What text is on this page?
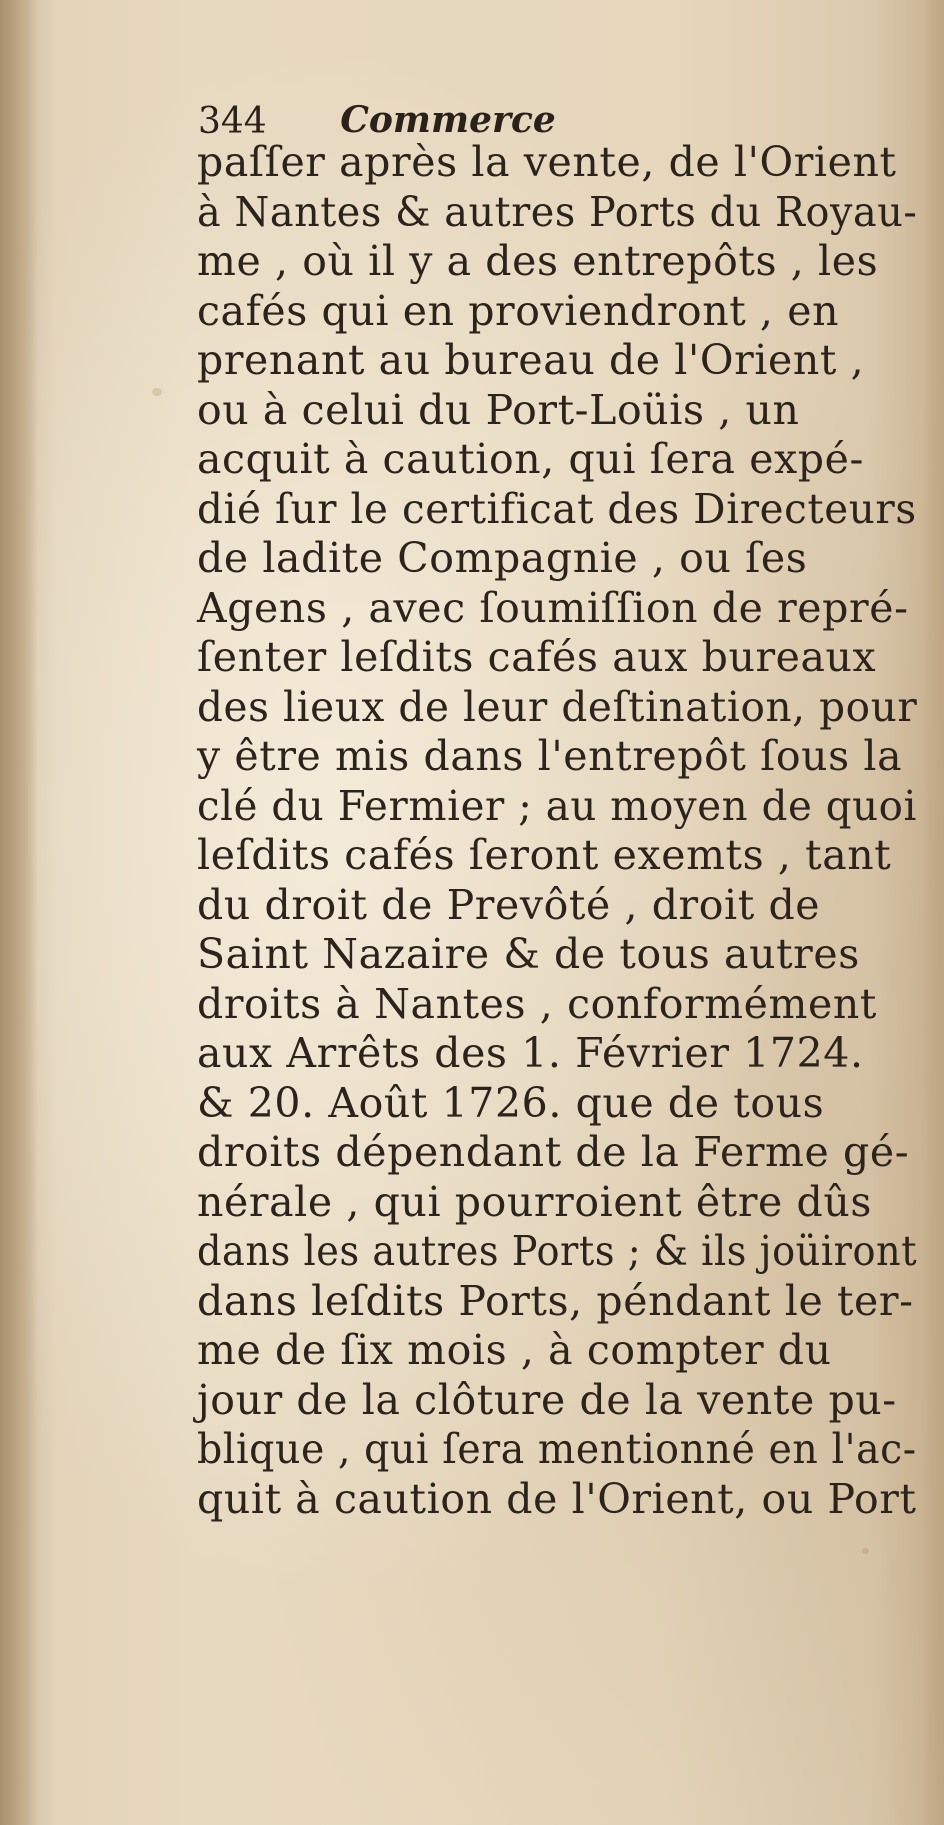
344 Commerce
paſſer après la vente, de l'Orient
à Nantes & autres Ports du Royau-
me , où il y a des entrepôts , les
cafés qui en proviendront , en
prenant au bureau de l'Orient ,
ou à celui du Port-Loüis , un
acquit à caution, qui ſera expé-
dié ſur le certificat des Directeurs
de ladite Compagnie , ou ſes
Agens , avec ſoumiſſion de repré-
ſenter leſdits cafés aux bureaux
des lieux de leur deſtination, pour
y être mis dans l'entrepôt ſous la
clé du Fermier ; au moyen de quoi
leſdits cafés ſeront exemts , tant
du droit de Prevôté , droit de
Saint Nazaire & de tous autres
droits à Nantes , conformément
aux Arrêts des 1. Février 1724.
& 20. Août 1726. que de tous
droits dépendant de la Ferme gé-
nérale , qui pourroient être dûs
dans les autres Ports ; & ils joüiront
dans leſdits Ports, péndant le ter-
me de ſix mois , à compter du
jour de la clôture de la vente pu-
blique , qui ſera mentionné en l'ac-
quit à caution de l'Orient, ou Port
